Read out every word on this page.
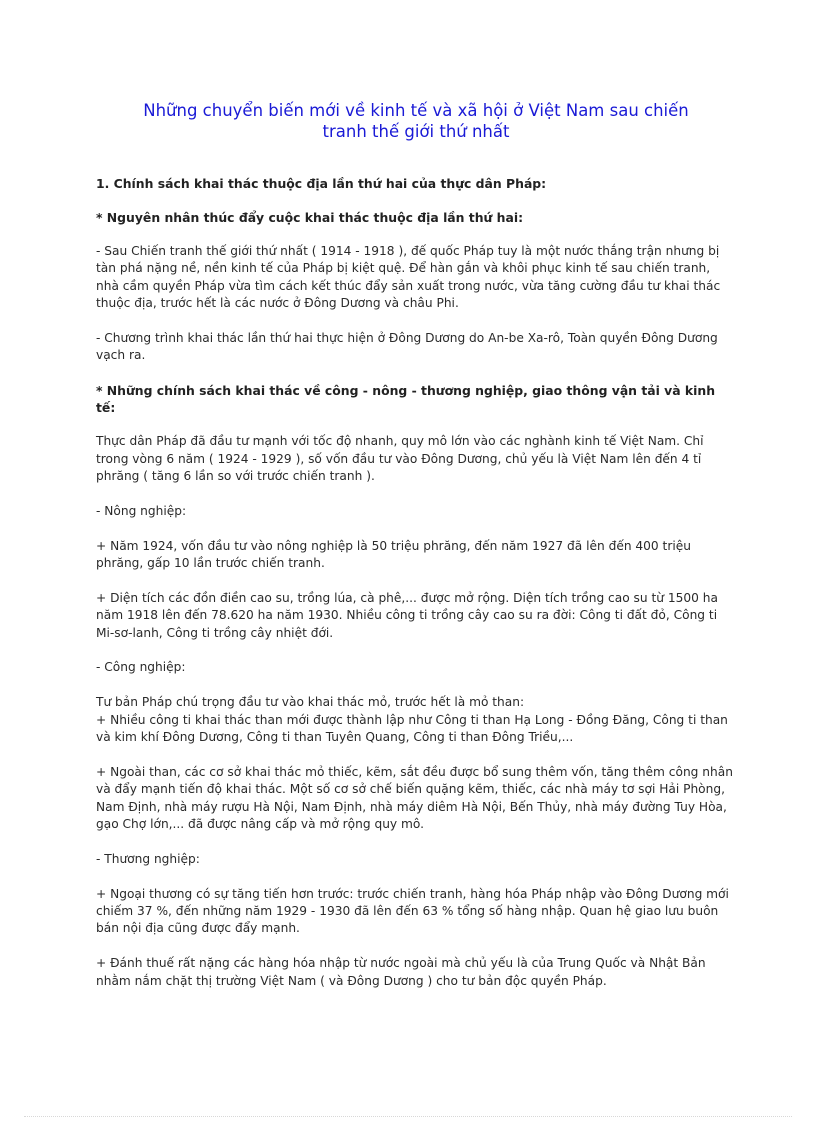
Những chuyển biến mới về kinh tế và xã hội ở Việt Nam sau chiến
tranh thế giới thứ nhất
1. Chính sách khai thác thuộc địa lần thứ hai của thực dân Pháp:
* Nguyên nhân thúc đẩy cuộc khai thác thuộc địa lần thứ hai:
- Sau Chiến tranh thế giới thứ nhất ( 1914 - 1918 ), đế quốc Pháp tuy là một nước thắng trận nhưng bị tàn phá nặng nề, nền kinh tế của Pháp bị kiệt quệ. Để hàn gắn và khôi phục kinh tế sau chiến tranh, nhà cầm quyền Pháp vừa tìm cách kết thúc đẩy sản xuất trong nước, vừa tăng cường đầu tư khai thác thuộc địa, trước hết là các nước ở Đông Dương và châu Phi.
- Chương trình khai thác lần thứ hai thực hiện ở Đông Dương do An-be Xa-rô, Toàn quyền Đông Dương vạch ra.
* Những chính sách khai thác về công - nông - thương nghiệp, giao thông vận tải và kinh tế:
Thực dân Pháp đã đầu tư mạnh với tốc độ nhanh, quy mô lớn vào các nghành kinh tế Việt Nam. Chỉ trong vòng 6 năm ( 1924 - 1929 ), số vốn đầu tư vào Đông Dương, chủ yếu là Việt Nam lên đến 4 tỉ phrăng ( tăng 6 lần so với trước chiến tranh ).
- Nông nghiệp:
+ Năm 1924, vốn đầu tư vào nông nghiệp là 50 triệu phrăng, đến năm 1927 đã lên đến 400 triệu phrăng, gấp 10 lần trước chiến tranh.
+ Diện tích các đồn điền cao su, trồng lúa, cà phê,... được mở rộng. Diện tích trồng cao su từ 1500 ha năm 1918 lên đến 78.620 ha năm 1930. Nhiều công ti trồng cây cao su ra đời: Công ti đất đỏ, Công ti Mi-sơ-lanh, Công ti trồng cây nhiệt đới.
- Công nghiệp:
Tư bản Pháp chú trọng đầu tư vào khai thác mỏ, trước hết là mỏ than:
+ Nhiều công ti khai thác than mới được thành lập như Công ti than Hạ Long - Đồng Đăng, Công ti than và kim khí Đông Dương, Công ti than Tuyên Quang, Công ti than Đông Triều,...
+ Ngoài than, các cơ sở khai thác mỏ thiếc, kẽm, sắt đều được bổ sung thêm vốn, tăng thêm công nhân và đẩy mạnh tiến độ khai thác. Một số cơ sở chế biến quặng kẽm, thiếc, các nhà máy tơ sợi Hải Phòng, Nam Định, nhà máy rượu Hà Nội, Nam Định, nhà máy diêm Hà Nội, Bến Thủy, nhà máy đường Tuy Hòa, gạo Chợ lớn,... đã được nâng cấp và mở rộng quy mô.
- Thương nghiệp:
+ Ngoại thương có sự tăng tiến hơn trước: trước chiến tranh, hàng hóa Pháp nhập vào Đông Dương mới chiếm 37 %, đến những năm 1929 - 1930 đã lên đến 63 % tổng số hàng nhập. Quan hệ giao lưu buôn bán nội địa cũng được đẩy mạnh.
+ Đánh thuế rất nặng các hàng hóa nhập từ nước ngoài mà chủ yếu là của Trung Quốc và Nhật Bản nhằm nắm chặt thị trường Việt Nam ( và Đông Dương ) cho tư bản độc quyền Pháp.
